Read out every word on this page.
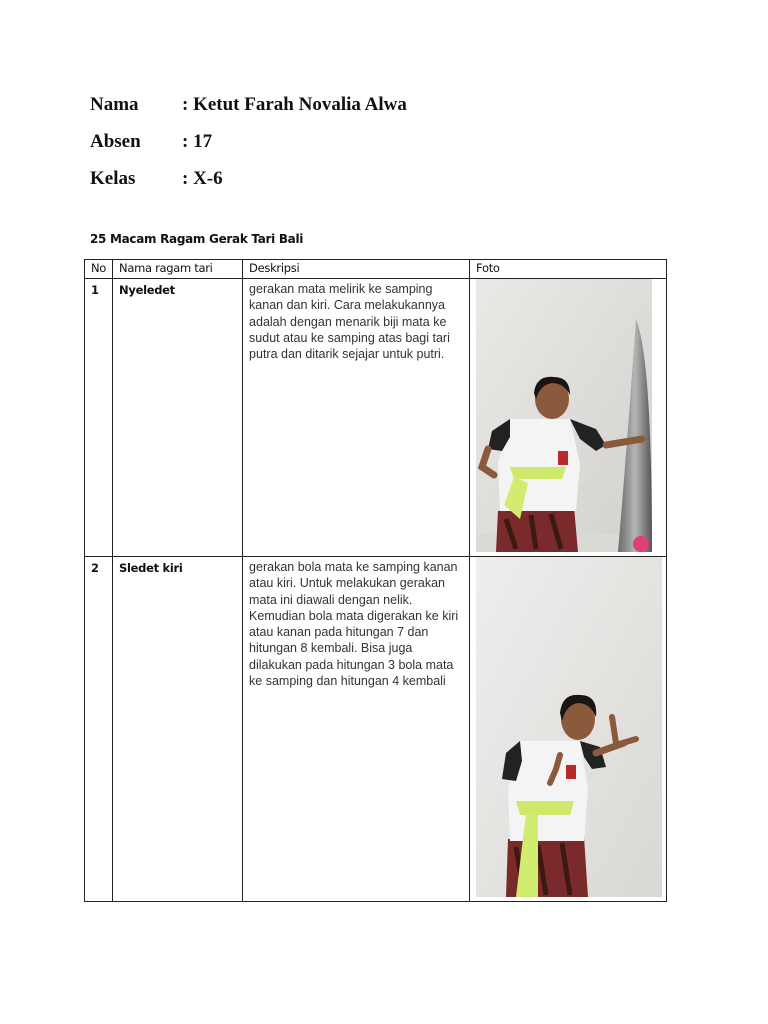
Nama : Ketut Farah Novalia Alwa
Absen : 17
Kelas : X-6
25 Macam Ragam Gerak Tari Bali
No	Nama ragam tari	Deskripsi	Foto
1	Nyeledet	gerakan mata melirik ke samping kanan dan kiri. Cara melakukannya adalah dengan menarik biji mata ke sudut atau ke samping atas bagi tari putra dan ditarik sejajar untuk putri.	

2	Sledet kiri	gerakan bola mata ke samping kanan atau kiri. Untuk melakukan gerakan mata ini diawali dengan nelik. Kemudian bola mata digerakan ke kiri atau kanan pada hitungan 7 dan hitungan 8 kembali. Bisa juga dilakukan pada hitungan 3 bola mata ke samping dan hitungan 4 kembali	
